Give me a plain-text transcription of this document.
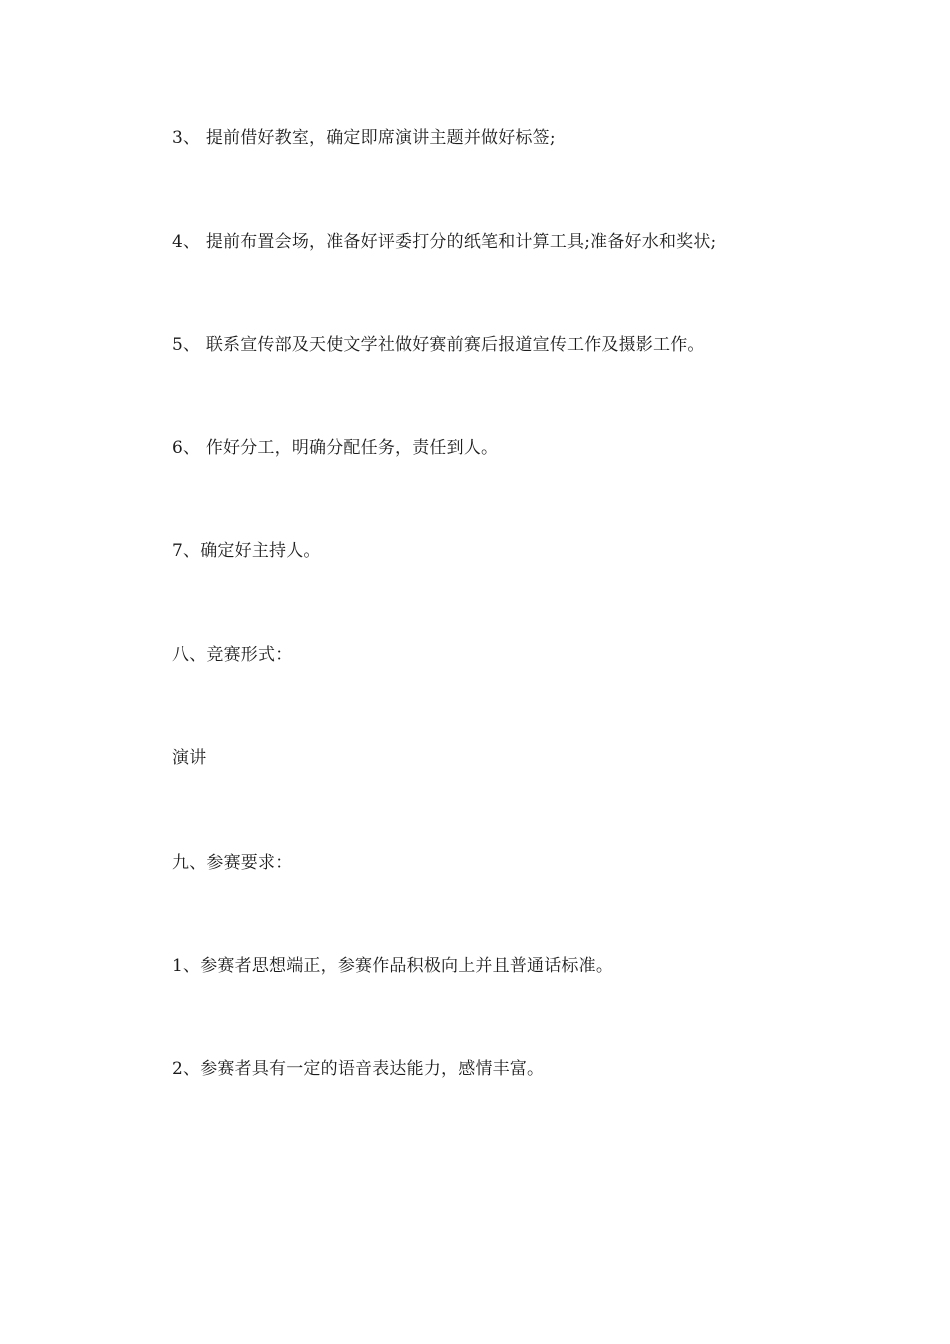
3、 提前借好教室，确定即席演讲主题并做好标签;

4、 提前布置会场，准备好评委打分的纸笔和计算工具;准备好水和奖状;

5、 联系宣传部及天使文学社做好赛前赛后报道宣传工作及摄影工作。

6、 作好分工，明确分配任务，责任到人。

7、确定好主持人。

八、竞赛形式：

演讲

九、参赛要求：

1、参赛者思想端正，参赛作品积极向上并且普通话标准。

2、参赛者具有一定的语音表达能力，感情丰富。
